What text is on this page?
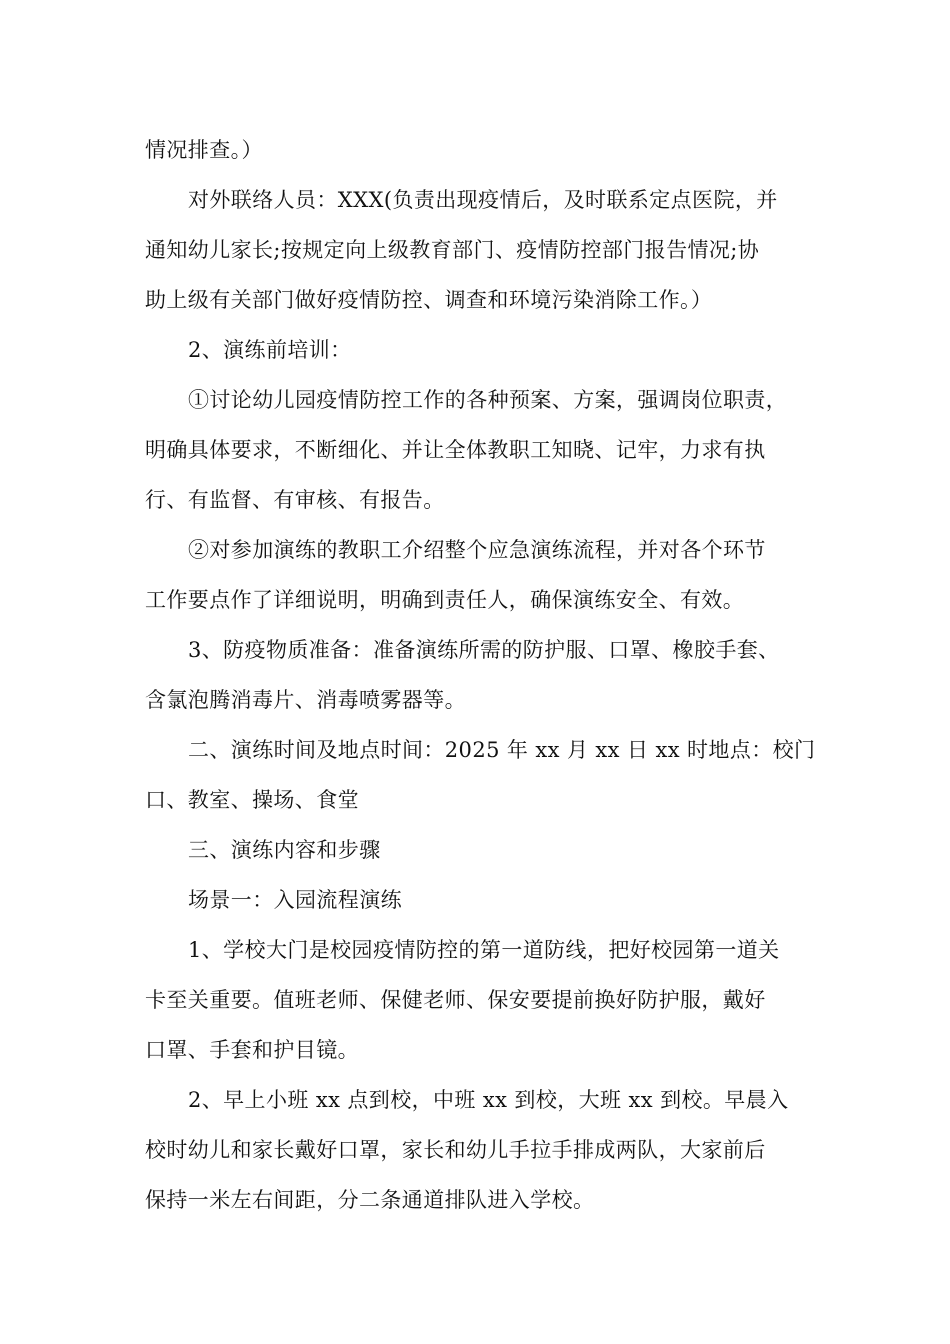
情况排查。）
对外联络人员：XXX(负责出现疫情后，及时联系定点医院，并
通知幼儿家长;按规定向上级教育部门、疫情防控部门报告情况;协
助上级有关部门做好疫情防控、调查和环境污染消除工作。）
2、演练前培训：
①讨论幼儿园疫情防控工作的各种预案、方案，强调岗位职责，
明确具体要求，不断细化、并让全体教职工知晓、记牢，力求有执
行、有监督、有审核、有报告。
②对参加演练的教职工介绍整个应急演练流程，并对各个环节
工作要点作了详细说明，明确到责任人，确保演练安全、有效。
3、防疫物质准备：准备演练所需的防护服、口罩、橡胶手套、
含氯泡腾消毒片、消毒喷雾器等。
二、演练时间及地点时间：2025 年 xx 月 xx 日 xx 时地点：校门
口、教室、操场、食堂
三、演练内容和步骤
场景一：入园流程演练
1、学校大门是校园疫情防控的第一道防线，把好校园第一道关
卡至关重要。值班老师、保健老师、保安要提前换好防护服，戴好
口罩、手套和护目镜。
2、早上小班 xx 点到校，中班 xx 到校，大班 xx 到校。早晨入
校时幼儿和家长戴好口罩，家长和幼儿手拉手排成两队，大家前后
保持一米左右间距，分二条通道排队进入学校。
